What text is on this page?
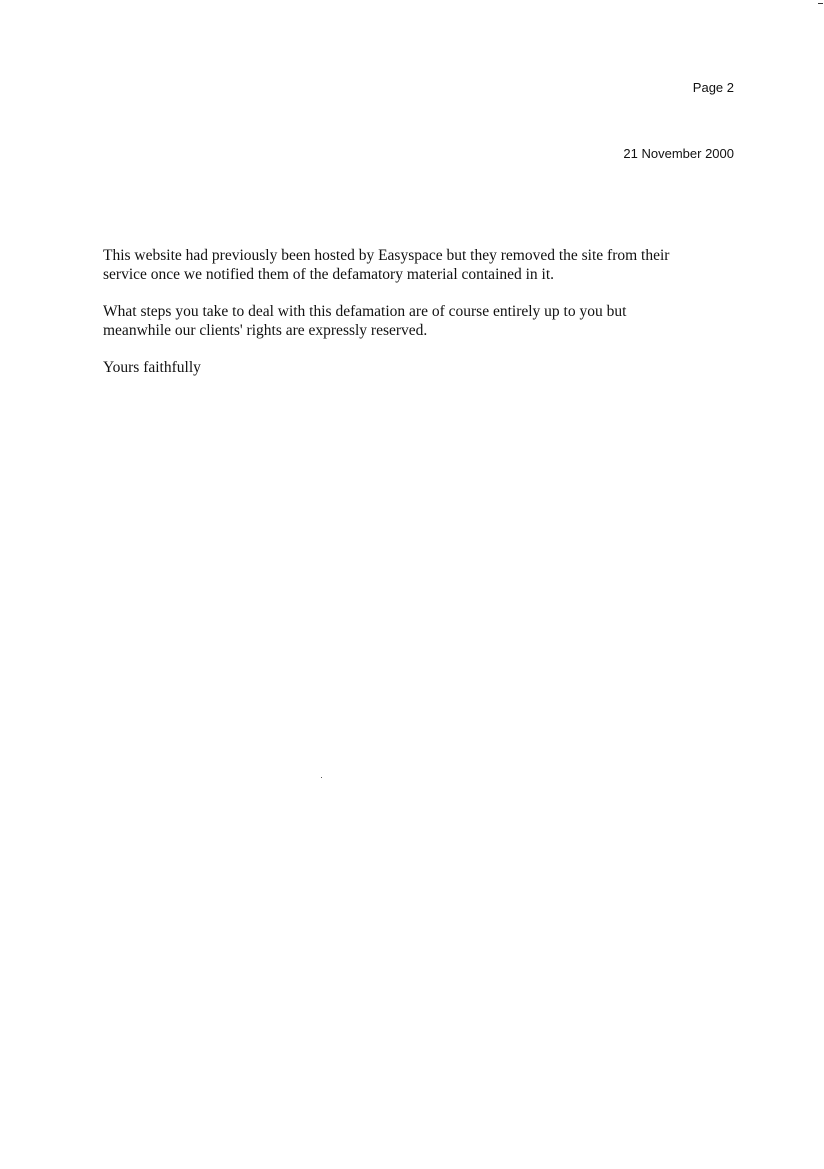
Page 2
21 November 2000

This website had previously been hosted by Easyspace but they removed the site from their
service once we notified them of the defamatory material contained in it.

What steps you take to deal with this defamation are of course entirely up to you but
meanwhile our clients' rights are expressly reserved.

Yours faithfully
